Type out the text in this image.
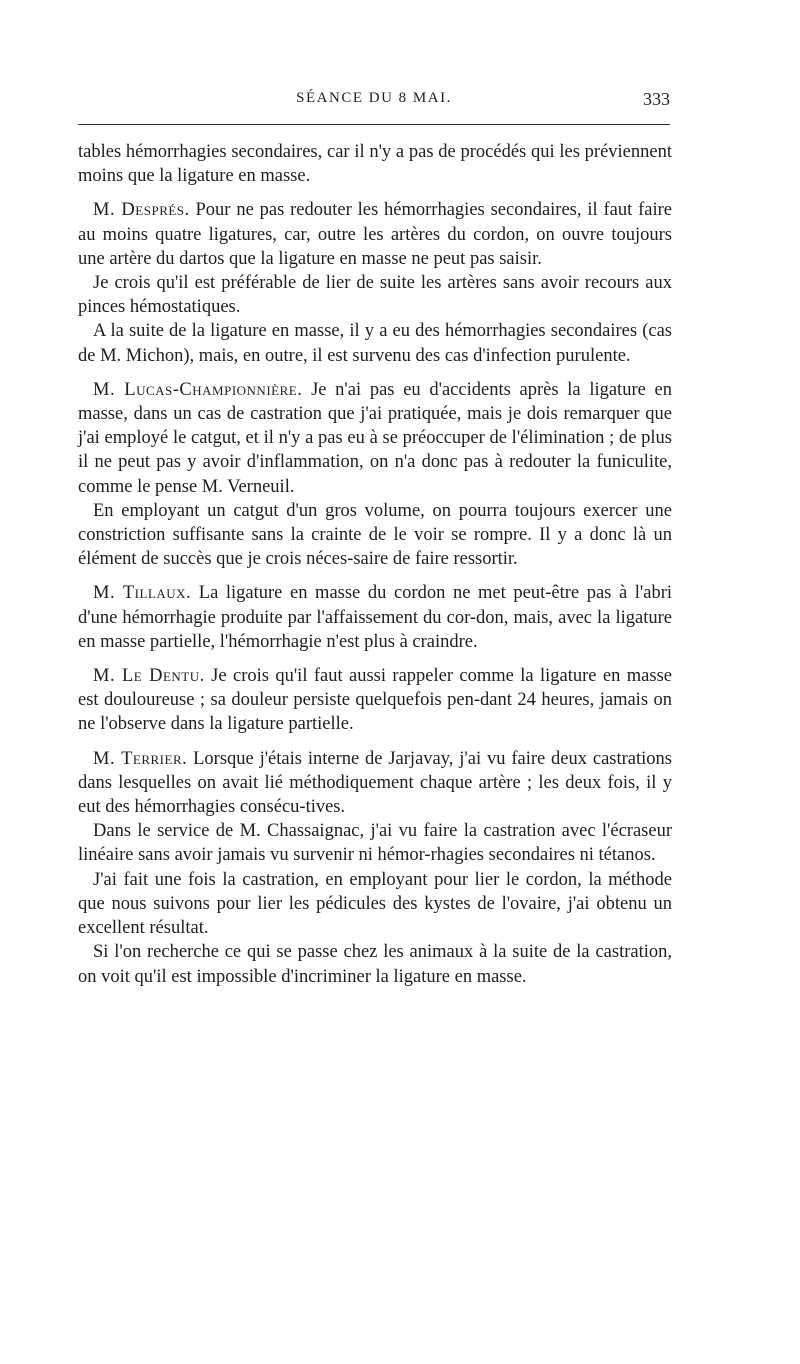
SÉANCE DU 8 MAI.	333

tables hémorrhagies secondaires, car il n'y a pas de procédés qui les préviennent moins que la ligature en masse.

M. Després. Pour ne pas redouter les hémorrhagies secondaires, il faut faire au moins quatre ligatures, car, outre les artères du cordon, on ouvre toujours une artère du dartos que la ligature en masse ne peut pas saisir.

Je crois qu'il est préférable de lier de suite les artères sans avoir recours aux pinces hémostatiques.

A la suite de la ligature en masse, il y a eu des hémorrhagies secondaires (cas de M. Michon), mais, en outre, il est survenu des cas d'infection purulente.

M. Lucas-Championnière. Je n'ai pas eu d'accidents après la ligature en masse, dans un cas de castration que j'ai pratiquée, mais je dois remarquer que j'ai employé le catgut, et il n'y a pas eu à se préoccuper de l'élimination ; de plus il ne peut pas y avoir d'inflammation, on n'a donc pas à redouter la funiculite, comme le pense M. Verneuil.

En employant un catgut d'un gros volume, on pourra toujours exercer une constriction suffisante sans la crainte de le voir se rompre. Il y a donc là un élément de succès que je crois néces-saire de faire ressortir.

M. Tillaux. La ligature en masse du cordon ne met peut-être pas à l'abri d'une hémorrhagie produite par l'affaissement du cor-don, mais, avec la ligature en masse partielle, l'hémorrhagie n'est plus à craindre.

M. Le Dentu. Je crois qu'il faut aussi rappeler comme la ligature en masse est douloureuse ; sa douleur persiste quelquefois pen-dant 24 heures, jamais on ne l'observe dans la ligature partielle.

M. Terrier. Lorsque j'étais interne de Jarjavay, j'ai vu faire deux castrations dans lesquelles on avait lié méthodiquement chaque artère ; les deux fois, il y eut des hémorrhagies consécu-tives.

Dans le service de M. Chassaignac, j'ai vu faire la castration avec l'écraseur linéaire sans avoir jamais vu survenir ni hémor-rhagies secondaires ni tétanos.

J'ai fait une fois la castration, en employant pour lier le cordon, la méthode que nous suivons pour lier les pédicules des kystes de l'ovaire, j'ai obtenu un excellent résultat.

Si l'on recherche ce qui se passe chez les animaux à la suite de la castration, on voit qu'il est impossible d'incriminer la ligature en masse.
